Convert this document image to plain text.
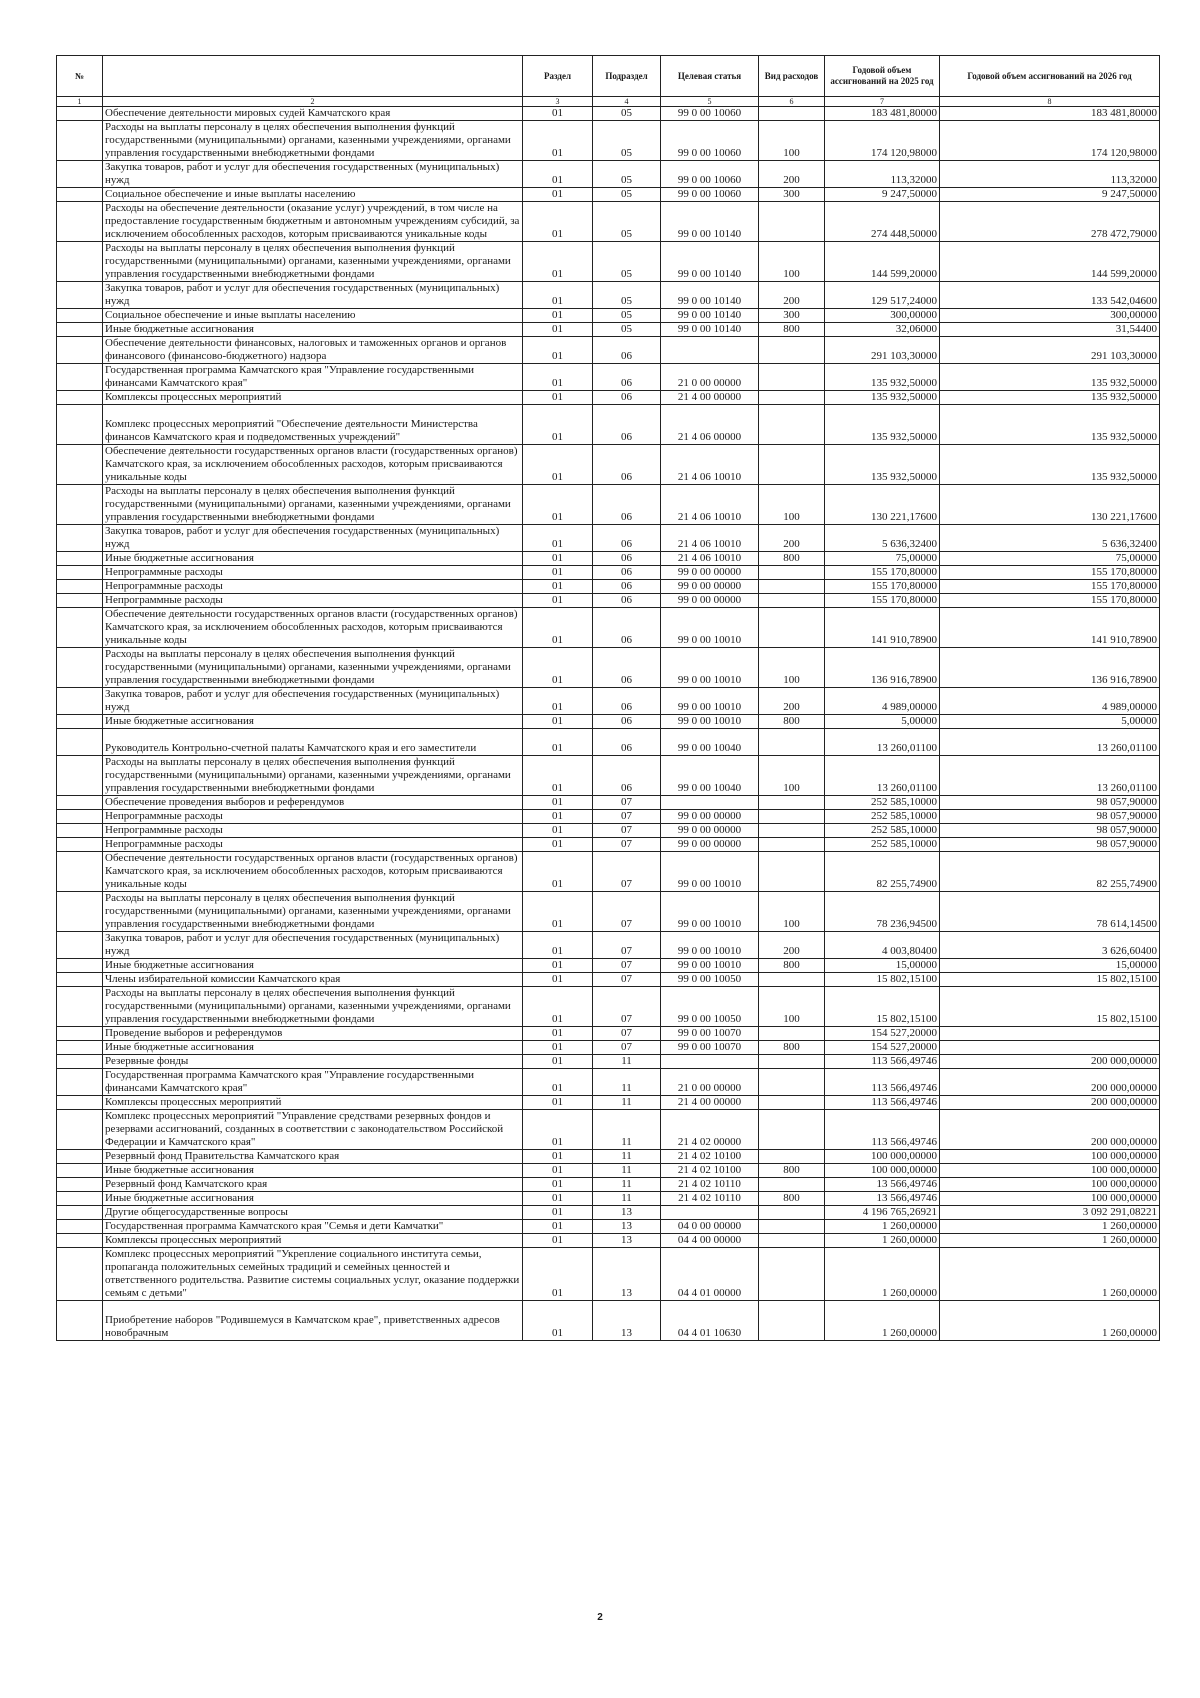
№		Раздел	Подраздел	Целевая статья	Вид расходов	Годовой объем ассигнований на 2025 год	Годовой объем ассигнований на 2026 год
1	2	3	4	5	6	7	8
	Обеспечение деятельности мировых судей Камчатского края	01	05	99 0 00 10060		183 481,80000	183 481,80000
	Расходы на выплаты персоналу в целях обеспечения выполнения функций государственными (муниципальными) органами, казенными учреждениями, органами управления государственными внебюджетными фондами	01	05	99 0 00 10060	100	174 120,98000	174 120,98000
	Закупка товаров, работ и услуг для обеспечения государственных (муниципальных) нужд	01	05	99 0 00 10060	200	113,32000	113,32000
	Социальное обеспечение и иные выплаты населению	01	05	99 0 00 10060	300	9 247,50000	9 247,50000
	Расходы на обеспечение деятельности (оказание услуг) учреждений, в том числе на предоставление государственным бюджетным и автономным учреждениям субсидий, за исключением обособленных расходов, которым присваиваются уникальные коды	01	05	99 0 00 10140		274 448,50000	278 472,79000
	Расходы на выплаты персоналу в целях обеспечения выполнения функций государственными (муниципальными) органами, казенными учреждениями, органами управления государственными внебюджетными фондами	01	05	99 0 00 10140	100	144 599,20000	144 599,20000
	Закупка товаров, работ и услуг для обеспечения государственных (муниципальных) нужд	01	05	99 0 00 10140	200	129 517,24000	133 542,04600
	Социальное обеспечение и иные выплаты населению	01	05	99 0 00 10140	300	300,00000	300,00000
	Иные бюджетные ассигнования	01	05	99 0 00 10140	800	32,06000	31,54400
	Обеспечение деятельности финансовых, налоговых и таможенных органов и органов финансового (финансово-бюджетного) надзора	01	06			291 103,30000	291 103,30000
	Государственная программа Камчатского края "Управление государственными финансами Камчатского края"	01	06	21 0 00 00000		135 932,50000	135 932,50000
	Комплексы процессных мероприятий	01	06	21 4 00 00000		135 932,50000	135 932,50000
	Комплекс процессных мероприятий "Обеспечение деятельности Министерства финансов Камчатского края и подведомственных учреждений"	01	06	21 4 06 00000		135 932,50000	135 932,50000
	Обеспечение деятельности государственных органов власти (государственных органов) Камчатского края, за исключением обособленных расходов, которым присваиваются уникальные коды	01	06	21 4 06 10010		135 932,50000	135 932,50000
	Расходы на выплаты персоналу в целях обеспечения выполнения функций государственными (муниципальными) органами, казенными учреждениями, органами управления государственными внебюджетными фондами	01	06	21 4 06 10010	100	130 221,17600	130 221,17600
	Закупка товаров, работ и услуг для обеспечения государственных (муниципальных) нужд	01	06	21 4 06 10010	200	5 636,32400	5 636,32400
	Иные бюджетные ассигнования	01	06	21 4 06 10010	800	75,00000	75,00000
	Непрограммные расходы	01	06	99 0 00 00000		155 170,80000	155 170,80000
	Непрограммные расходы	01	06	99 0 00 00000		155 170,80000	155 170,80000
	Непрограммные расходы	01	06	99 0 00 00000		155 170,80000	155 170,80000
	Обеспечение деятельности государственных органов власти (государственных органов) Камчатского края, за исключением обособленных расходов, которым присваиваются уникальные коды	01	06	99 0 00 10010		141 910,78900	141 910,78900
	Расходы на выплаты персоналу в целях обеспечения выполнения функций государственными (муниципальными) органами, казенными учреждениями, органами управления государственными внебюджетными фондами	01	06	99 0 00 10010	100	136 916,78900	136 916,78900
	Закупка товаров, работ и услуг для обеспечения государственных (муниципальных) нужд	01	06	99 0 00 10010	200	4 989,00000	4 989,00000
	Иные бюджетные ассигнования	01	06	99 0 00 10010	800	5,00000	5,00000
	Руководитель Контрольно-счетной палаты Камчатского края и его заместители	01	06	99 0 00 10040		13 260,01100	13 260,01100
	Расходы на выплаты персоналу в целях обеспечения выполнения функций государственными (муниципальными) органами, казенными учреждениями, органами управления государственными внебюджетными фондами	01	06	99 0 00 10040	100	13 260,01100	13 260,01100
	Обеспечение проведения выборов и референдумов	01	07			252 585,10000	98 057,90000
	Непрограммные расходы	01	07	99 0 00 00000		252 585,10000	98 057,90000
	Непрограммные расходы	01	07	99 0 00 00000		252 585,10000	98 057,90000
	Непрограммные расходы	01	07	99 0 00 00000		252 585,10000	98 057,90000
	Обеспечение деятельности государственных органов власти (государственных органов) Камчатского края, за исключением обособленных расходов, которым присваиваются уникальные коды	01	07	99 0 00 10010		82 255,74900	82 255,74900
	Расходы на выплаты персоналу в целях обеспечения выполнения функций государственными (муниципальными) органами, казенными учреждениями, органами управления государственными внебюджетными фондами	01	07	99 0 00 10010	100	78 236,94500	78 614,14500
	Закупка товаров, работ и услуг для обеспечения государственных (муниципальных) нужд	01	07	99 0 00 10010	200	4 003,80400	3 626,60400
	Иные бюджетные ассигнования	01	07	99 0 00 10010	800	15,00000	15,00000
	Члены избирательной комиссии Камчатского края	01	07	99 0 00 10050		15 802,15100	15 802,15100
	Расходы на выплаты персоналу в целях обеспечения выполнения функций государственными (муниципальными) органами, казенными учреждениями, органами управления государственными внебюджетными фондами	01	07	99 0 00 10050	100	15 802,15100	15 802,15100
	Проведение выборов и референдумов	01	07	99 0 00 10070		154 527,20000	
	Иные бюджетные ассигнования	01	07	99 0 00 10070	800	154 527,20000	
	Резервные фонды	01	11			113 566,49746	200 000,00000
	Государственная программа Камчатского края "Управление государственными финансами Камчатского края"	01	11	21 0 00 00000		113 566,49746	200 000,00000
	Комплексы процессных мероприятий	01	11	21 4 00 00000		113 566,49746	200 000,00000
	Комплекс процессных мероприятий "Управление средствами резервных фондов и резервами ассигнований, созданных в соответствии с законодательством Российской Федерации и Камчатского края"	01	11	21 4 02 00000		113 566,49746	200 000,00000
	Резервный фонд Правительства Камчатского края	01	11	21 4 02 10100		100 000,00000	100 000,00000
	Иные бюджетные ассигнования	01	11	21 4 02 10100	800	100 000,00000	100 000,00000
	Резервный фонд Камчатского края	01	11	21 4 02 10110		13 566,49746	100 000,00000
	Иные бюджетные ассигнования	01	11	21 4 02 10110	800	13 566,49746	100 000,00000
	Другие общегосударственные вопросы	01	13			4 196 765,26921	3 092 291,08221
	Государственная программа Камчатского края "Семья и дети Камчатки"	01	13	04 0 00 00000		1 260,00000	1 260,00000
	Комплексы процессных мероприятий	01	13	04 4 00 00000		1 260,00000	1 260,00000
	Комплекс процессных мероприятий "Укрепление социального института семьи, пропаганда положительных семейных традиций и семейных ценностей и ответственного родительства. Развитие системы социальных услуг, оказание поддержки семьям с детьми"	01	13	04 4 01 00000		1 260,00000	1 260,00000
	Приобретение наборов "Родившемуся в Камчатском крае", приветственных адресов новобрачным	01	13	04 4 01 10630		1 260,00000	1 260,00000
2
